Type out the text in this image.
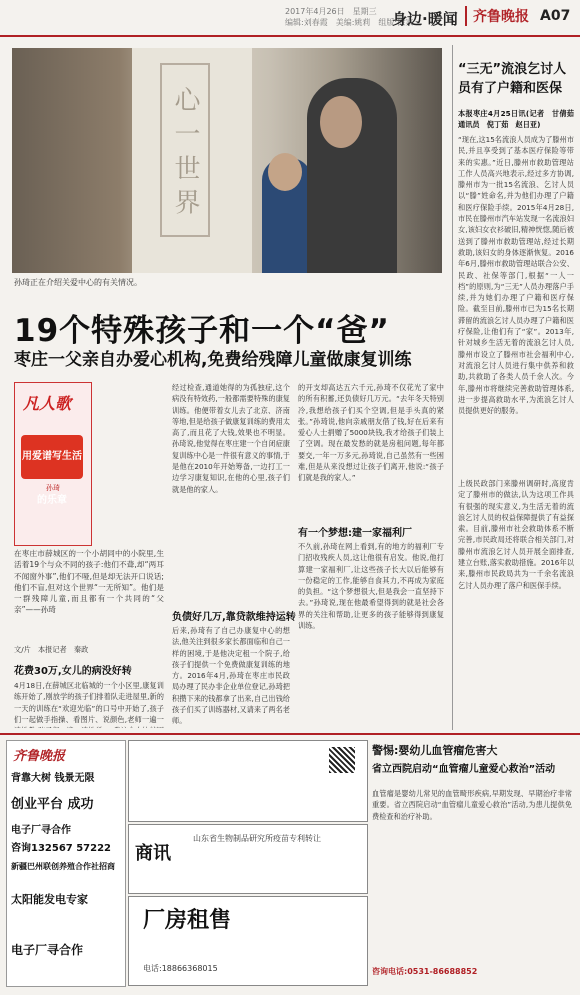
2017年4月26日　星期三
编辑:刘春霞　美编:姚莉　组版:徐家
身边·暖闻	齐鲁晚报 A07
心 一 世 界
孙琦正在介绍关爱中心的有关情况。
19个特殊孩子和一个“爸”
枣庄一父亲自办爱心机构,免费给残障儿童做康复训练
凡人歌
用爱谱写生活的乐章
孙琦
在枣庄市薛城区的一个小胡同中的小院里,生活着19个与众不同的孩子:他们不聋,却“两耳不闻窗外事”,他们不哑,但是却无法开口说话;他们不盲,但对这个世界“一无所知”。他们是一群残障儿童,而且都有一个共同的“父亲”——孙琦
文/片　本报记者　秦政
花费30万,女儿的病没好转
4月18日,在薛城区北临城的一个小区里,康复训练开始了,刚放学的孩子们排着队走进屋里,新的一天的训练在“欢迎光临”的口号中开始了,孩子们一起做手指操、看图片、说颜色,老师一遍一
经过检查,通道她得的为孤独症,这个病没有特效药,一般都需要特殊的康复训练。他便带着女儿去了北京、济南等地,但是给孩子做康复训练的费用太高了,而且花了大钱,效果也不明显。孙琦说,他觉得在枣庄建一个自闭症康复训练中心是一件很有意义的事情,于是他在2010年开始筹备,一边打工一边学习康复知识,在他的心里,孩子们就是他的家人。
负债好几万,靠贷款维持运转
后来,孙琦有了自己办康复中心的想法,他关注到很多家长都面临和自己一样的困境,于是他决定租一个院子,给孩子们提供一个免费做康复训练的地方。2016年4月,孙琦在枣庄市民政局办理了民办非企业单位登记,孙琦把积攒下来的钱都拿了出来,自己出钱给孩子们买了训练器材,又请来了两名老师。
的开支却高达五六千元,孙琦不仅花光了家中的所有积蓄,还负债好几万元。“去年冬天特别冷,我想给孩子们买个空调,但是手头真的紧张。”孙琦说,他向亲戚朋友借了钱,好在后来有爱心人士捐赠了5000块钱,我才给孩子们装上了空调。现在最发愁的就是房租问题,每年都要交,一年一万多元,孙琦说,自己虽然有一些困难,但是从来没想过让孩子们离开,他说:“孩子们就是我的家人。”
有一个梦想:建一家福利厂
不久前,孙琦在网上看到,有的地方的福利厂专门招收残疾人员,这让他很有启发。他说,他打算建一家福利厂,让这些孩子长大以后能够有一份稳定的工作,能够自食其力,不再成为家庭的负担。“这个梦想很大,但是我会一直坚持下去。”孙琦说,现在他最希望得到的就是社会各界的关注和帮助,让更多的孩子能够得到康复训练。
“三无”流浪乞讨人员有了户籍和医保
本报枣庄4月25日讯(记者　甘倩茹　通讯员　倪丁茹　赵日亚)
“现在,这15名流浪人员成为了滕州市民,并且享受到了基本医疗保险等带来的实惠。”近日,滕州市救助管理站工作人员高兴地表示,经过多方协调,滕州市为一批15名流浪、乞讨人员以“滕”姓命名,并为他们办理了户籍和医疗保险手续。2015年4月28日,市民在滕州市汽车站发现一名流浪妇女,该妇女衣衫破旧,精神恍惚,随后被送到了滕州市救助管理站,经过长期救助,该妇女的身体逐渐恢复。2016年6月,滕州市救助管理站联合公安、民政、社保等部门,根据“一人一档”的原则,为“三无”人员办理落户手续,并为她们办理了户籍和医疗保险。截至目前,滕州市已为15名长期滞留的流浪乞讨人员办理了户籍和医疗保险,让他们有了“家”。2013年,针对城乡生活无着的流浪乞讨人员,滕州市设立了滕州市社会福利中心,对流浪乞讨人员进行集中供养和救助,共救助了各类人员千余人次。今年,滕州市将继续完善救助管理体系,进一步提高救助水平,为流浪乞讨人员提供更好的服务。
上级民政部门来滕州调研时,高度肯定了滕州市的做法,认为这项工作具有很强的现实意义,为生活无着的流浪乞讨人员的权益保障提供了有益探索。目前,滕州市社会救助体系不断完善,市民政局还将联合相关部门,对滕州市流浪乞讨人员开展全面排查,建立台账,落实救助措施。2016年以来,滕州市民政局共为一千余名流浪乞讨人员办理了落户和医保手续。
齐鲁晚报
背靠大树 钱景无限
创业平台 成功
电子厂寻合作
咨询132567 57222
新疆巴州联创养殖合作社招商
太阳能发电专家
电子厂寻合作
商讯
山东省生物制品研究所疫苗专利转让
厂房租售
电话:18866368015
警惕:婴幼儿血管瘤危害大
省立西院启动“血管瘤儿童爱心救治”活动
血管瘤是婴幼儿常见的血管畸形疾病,早期发现、早期治疗非常重要。省立西院启动“血管瘤儿童爱心救治”活动,为患儿提供免费检查和治疗补助。
咨询电话:0531-86688852
